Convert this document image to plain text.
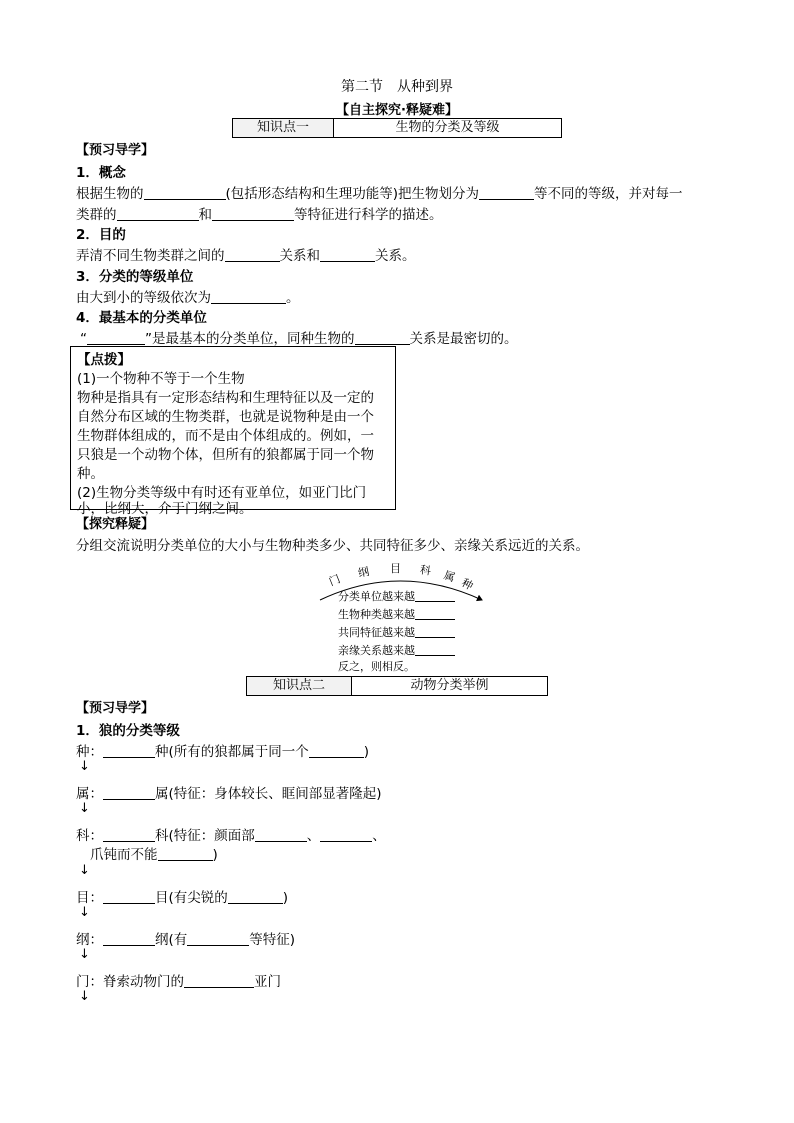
第二节　从种到界
【自主探究·释疑难】
知识点一	生物的分类及等级
【预习导学】
1．概念
根据生物的	(包括形态结构和生理功能等)把生物划分为	等不同的等级，并对每一
类群的	和	等特征进行科学的描述。
2．目的
弄清不同生物类群之间的	关系和	关系。
3．分类的等级单位
由大到小的等级依次为	。
4．最基本的分类单位
“	”是最基本的分类单位，同种生物的	关系是最密切的。
【点拨】
(1)一个物种不等于一个生物
物种是指具有一定形态结构和生理特征以及一定的
自然分布区域的生物类群，也就是说物种是由一个
生物群体组成的，而不是由个体组成的。例如，一
只狼是一个动物个体，但所有的狼都属于同一个物
种。
(2)生物分类等级中有时还有亚单位，如亚门比门
小，比纲大，介于门纲之间。
【探究释疑】
分组交流说明分类单位的大小与生物种类多少、共同特征多少、亲缘关系远近的关系。
门 纲 目 科 属 种
分类单位越来越
生物种类越来越
共同特征越来越
亲缘关系越来越
反之，则相反。
知识点二	动物分类举例
【预习导学】
1．狼的分类等级
种：	种(所有的狼都属于同一个	)
↓
属：	属(特征：身体较长、眶间部显著隆起)
↓
科：	科(特征：颜面部	、	、
爪钝而不能	)
↓
目：	目(有尖锐的	)
↓
纲：	纲(有	等特征)
↓
门：脊索动物门的	亚门
↓
